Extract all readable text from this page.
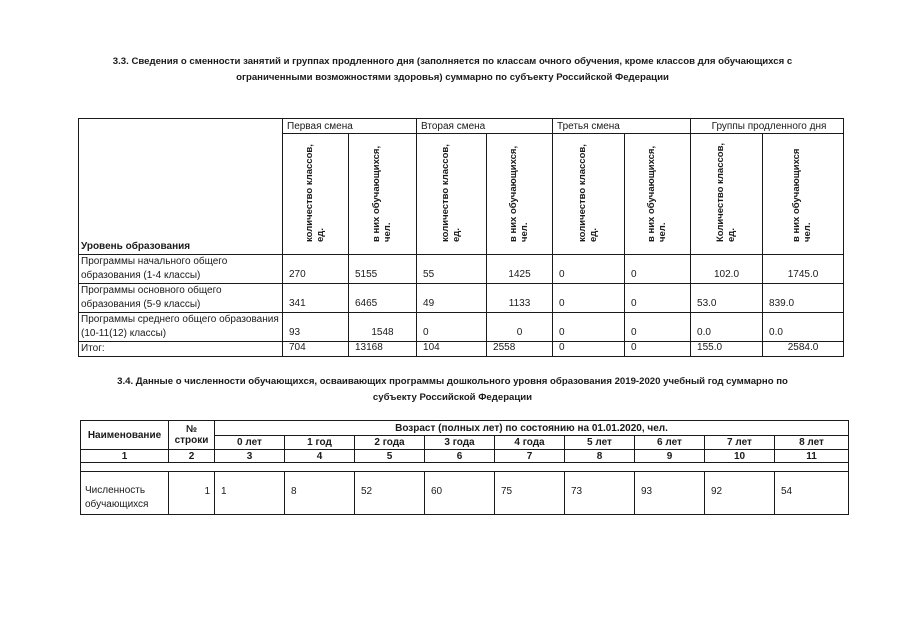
3.3. Сведения о сменности занятий и группах продленного дня (заполняется по классам очного обучения, кроме классов для обучающихся с
ограниченными возможностями здоровья) суммарно по субъекту Российской Федерации
Уровень образования	Первая смена		Вторая смена		Третья смена		Группы продленного дня	

	количество классов, ед.	в них обучающихся, чел.	количество классов, ед.	в них обучающихся, чел.	количество классов, ед.	в них обучающихся, чел.	Количество классов, ед.	в них обучающихся чел.

Программы начального общего образования (1-4 классы)	270	5155	55	1425	0	0	102.0	1745.0
Программы основного общего образования (5-9 классы)	341	6465	49	1133	0	0	53.0	839.0
Программы среднего общего образования (10-11(12) классы)	93	1548	0	0	0	0	0.0	0.0
Итог:	704	13168	104	2558	0	0	155.0	2584.0
3.4. Данные о численности обучающихся, осваивающих программы дошкольного уровня образования 2019-2020 учебный год суммарно по
субъекту Российской Федерации
Наименование	№ строки	Возраст (полных лет) по состоянию на 01.01.2020, чел.								
		0 лет	1 год	2 года	3 года	4 года	5 лет	6 лет	7 лет	8 лет
1	2	3	4	5	6	7	8	9	10	11

Численность обучающихся	1	1	8	52	60	75	73	93	92	54
